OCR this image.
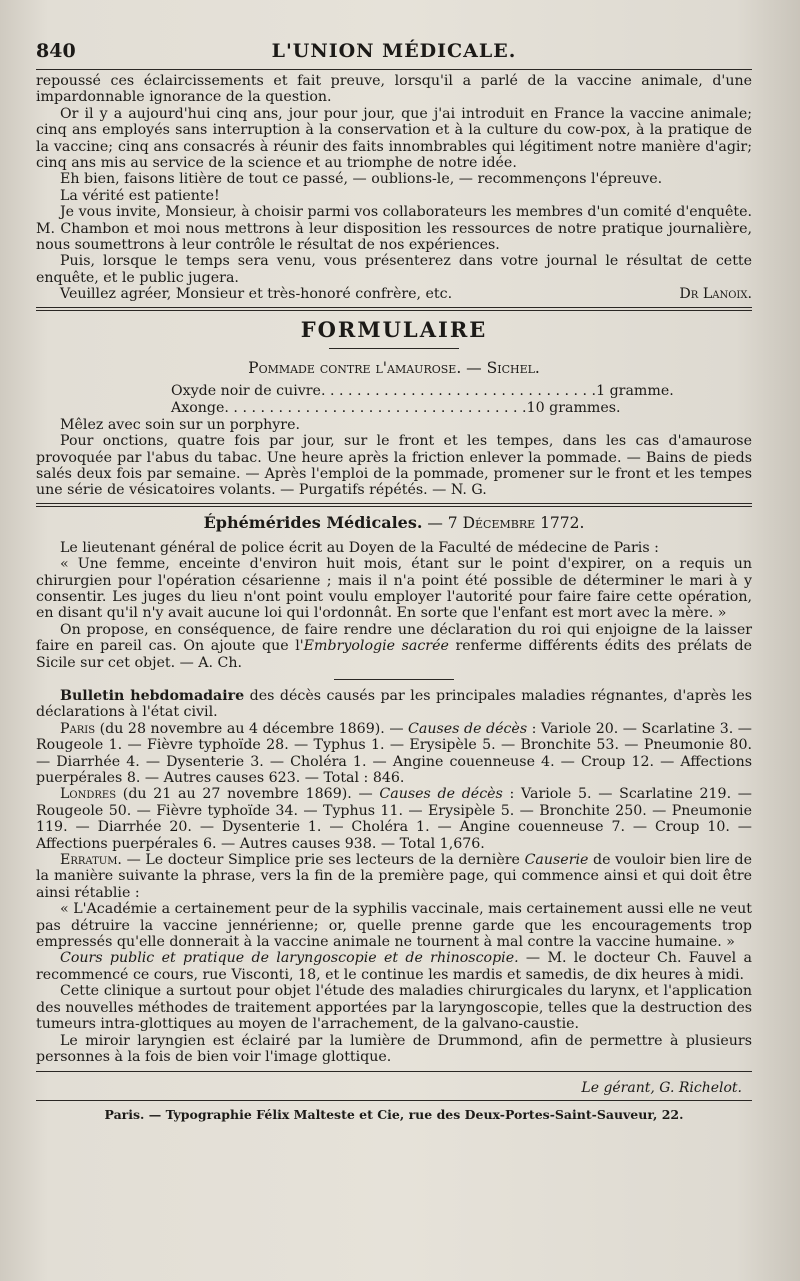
840	L'UNION MÉDICALE.

repoussé ces éclaircissements et fait preuve, lorsqu'il a parlé de la vaccine animale, d'une impardonnable ignorance de la question.

Or il y a aujourd'hui cinq ans, jour pour jour, que j'ai introduit en France la vaccine animale; cinq ans employés sans interruption à la conservation et à la culture du cow-pox, à la pratique de la vaccine; cinq ans consacrés à réunir des faits innombrables qui légitiment notre manière d'agir; cinq ans mis au service de la science et au triomphe de notre idée.

Eh bien, faisons litière de tout ce passé, — oublions-le, — recommençons l'épreuve.

La vérité est patiente!

Je vous invite, Monsieur, à choisir parmi vos collaborateurs les membres d'un comité d'enquête. M. Chambon et moi nous mettrons à leur disposition les ressources de notre pratique journalière, nous soumettrons à leur contrôle le résultat de nos expériences.

Puis, lorsque le temps sera venu, vous présenterez dans votre journal le résultat de cette enquête, et le public jugera.

Veuillez agréer, Monsieur et très-honoré confrère, etc.	Dr Lanoix.
FORMULAIRE
Pommade contre l'amaurose. — Sichel.
Oxyde noir de cuivre . . . . . . . . . . . . . . . . . . . . . . . . . . . . . . . 1 gramme.
Axonge . . . . . . . . . . . . . . . . . . . . . . . . . . . . . . . . . . 10 grammes.

Mêlez avec soin sur un porphyre.

Pour onctions, quatre fois par jour, sur le front et les tempes, dans les cas d'amaurose provoquée par l'abus du tabac. Une heure après la friction enlever la pommade. — Bains de pieds salés deux fois par semaine. — Après l'emploi de la pommade, promener sur le front et les tempes une série de vésicatoires volants. — Purgatifs répétés. — N. G.

Éphémérides Médicales. — 7 Décembre 1772.

Le lieutenant général de police écrit au Doyen de la Faculté de médecine de Paris :

« Une femme, enceinte d'environ huit mois, étant sur le point d'expirer, on a requis un chirurgien pour l'opération césarienne ; mais il n'a point été possible de déterminer le mari à y consentir. Les juges du lieu n'ont point voulu employer l'autorité pour faire faire cette opération, en disant qu'il n'y avait aucune loi qui l'ordonnât. En sorte que l'enfant est mort avec la mère. »

On propose, en conséquence, de faire rendre une déclaration du roi qui enjoigne de la laisser faire en pareil cas. On ajoute que l'Embryologie sacrée renferme différents édits des prélats de Sicile sur cet objet. — A. Ch.

Bulletin hebdomadaire des décès causés par les principales maladies régnantes, d'après les déclarations à l'état civil.

Paris (du 28 novembre au 4 décembre 1869). — Causes de décès : Variole 20. — Scarlatine 3. — Rougeole 1. — Fièvre typhoïde 28. — Typhus 1. — Erysipèle 5. — Bronchite 53. — Pneumonie 80. — Diarrhée 4. — Dysenterie 3. — Choléra 1. — Angine couenneuse 4. — Croup 12. — Affections puerpérales 8. — Autres causes 623. — Total : 846.

Londres (du 21 au 27 novembre 1869). — Causes de décès : Variole 5. — Scarlatine 219. — Rougeole 50. — Fièvre typhoïde 34. — Typhus 11. — Erysipèle 5. — Bronchite 250. — Pneumonie 119. — Diarrhée 20. — Dysenterie 1. — Choléra 1. — Angine couenneuse 7. — Croup 10. — Affections puerpérales 6. — Autres causes 938. — Total 1,676.

Erratum. — Le docteur Simplice prie ses lecteurs de la dernière Causerie de vouloir bien lire de la manière suivante la phrase, vers la fin de la première page, qui commence ainsi et qui doit être ainsi rétablie :

« L'Académie a certainement peur de la syphilis vaccinale, mais certainement aussi elle ne veut pas détruire la vaccine jennérienne; or, quelle prenne garde que les encouragements trop empressés qu'elle donnerait à la vaccine animale ne tournent à mal contre la vaccine humaine. »

Cours public et pratique de laryngoscopie et de rhinoscopie. — M. le docteur Ch. Fauvel a recommencé ce cours, rue Visconti, 18, et le continue les mardis et samedis, de dix heures à midi.

Cette clinique a surtout pour objet l'étude des maladies chirurgicales du larynx, et l'application des nouvelles méthodes de traitement apportées par la laryngoscopie, telles que la destruction des tumeurs intra-glottiques au moyen de l'arrachement, de la galvano-caustie.

Le miroir laryngien est éclairé par la lumière de Drummond, afin de permettre à plusieurs personnes à la fois de bien voir l'image glottique.

Le gérant, G. Richelot.
Paris. — Typographie Félix Malteste et Cie, rue des Deux-Portes-Saint-Sauveur, 22.
